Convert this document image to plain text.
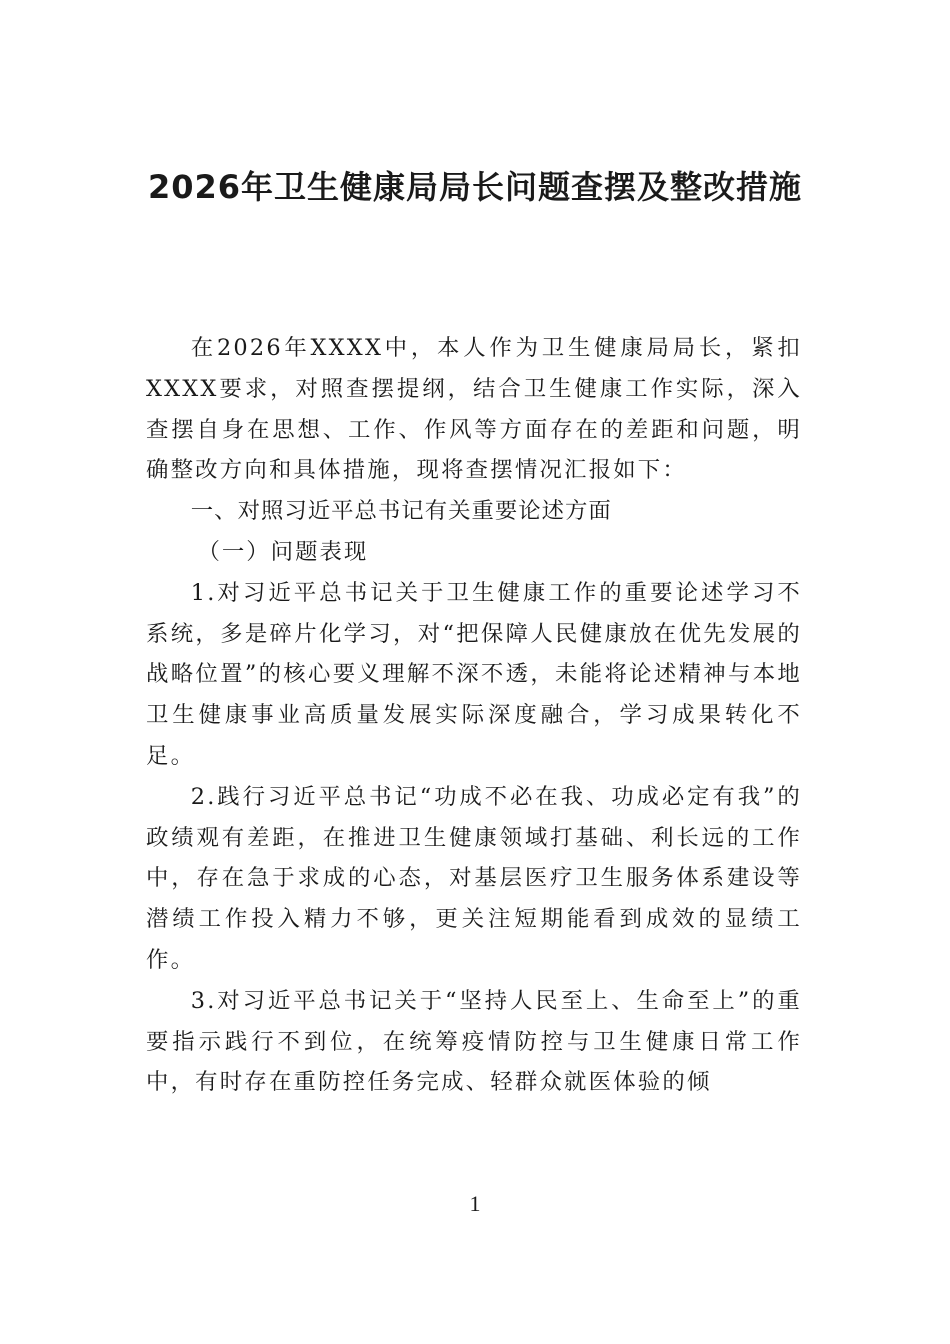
2026年卫生健康局局长问题查摆及整改措施

在2026年XXXX中，本人作为卫生健康局局长，紧扣XXXX要求，对照查摆提纲，结合卫生健康工作实际，深入查摆自身在思想、工作、作风等方面存在的差距和问题，明确整改方向和具体措施，现将查摆情况汇报如下：

一、对照习近平总书记有关重要论述方面

（一）问题表现

1.对习近平总书记关于卫生健康工作的重要论述学习不系统，多是碎片化学习，对“把保障人民健康放在优先发展的战略位置”的核心要义理解不深不透，未能将论述精神与本地卫生健康事业高质量发展实际深度融合，学习成果转化不足。

2.践行习近平总书记“功成不必在我、功成必定有我”的政绩观有差距，在推进卫生健康领域打基础、利长远的工作中，存在急于求成的心态，对基层医疗卫生服务体系建设等潜绩工作投入精力不够，更关注短期能看到成效的显绩工作。

3.对习近平总书记关于“坚持人民至上、生命至上”的重要指示践行不到位，在统筹疫情防控与卫生健康日常工作中，有时存在重防控任务完成、轻群众就医体验的倾

1
